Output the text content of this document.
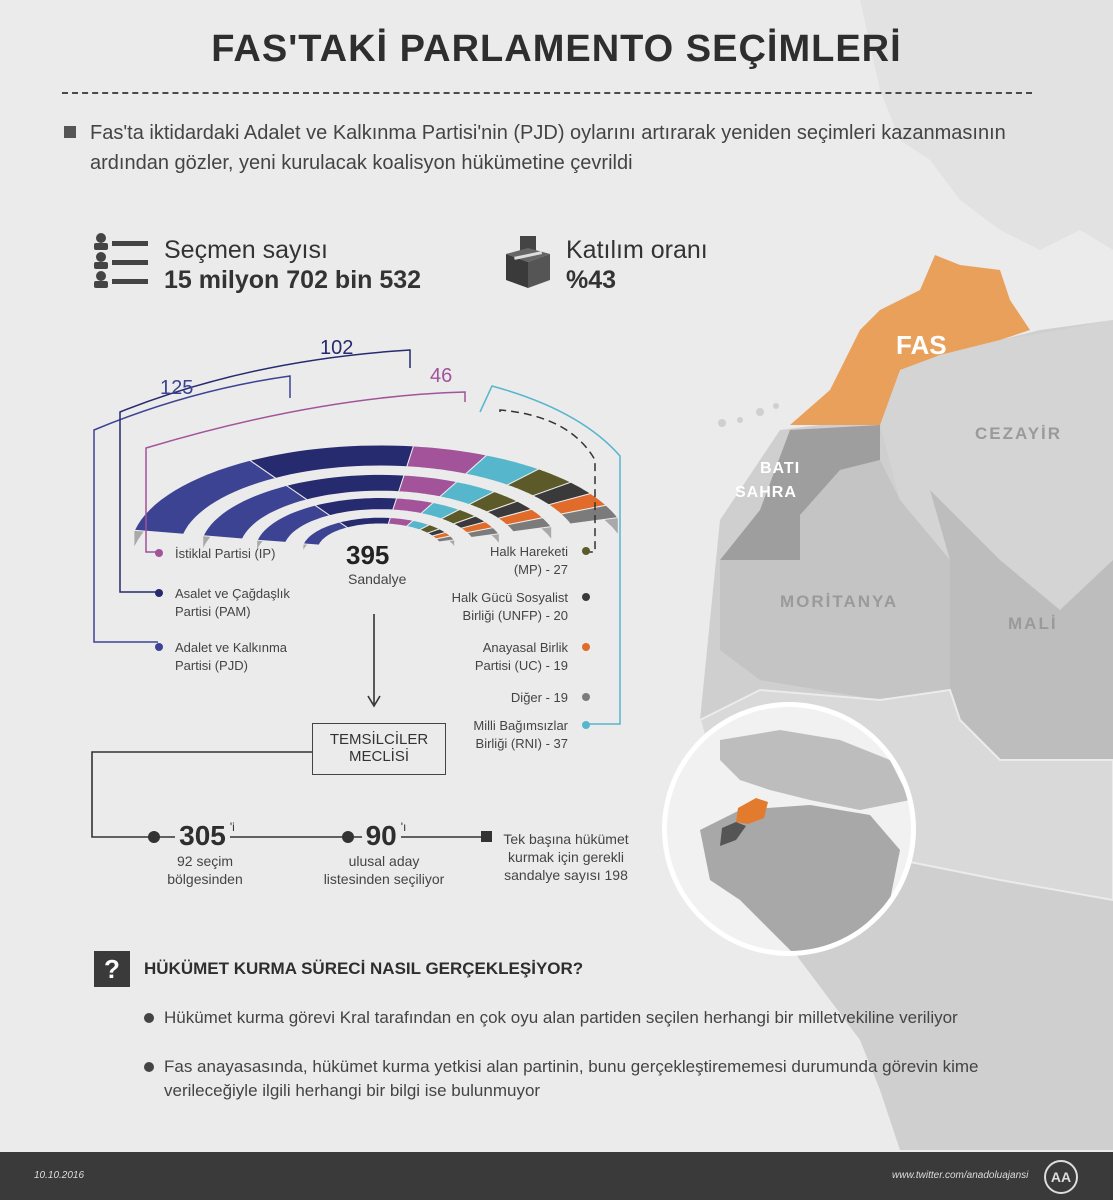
FAS
CEZAYİR
BATI
SAHRA
MORİTANYA
MALİ
FAS'TAKİ PARLAMENTO SEÇİMLERİ
Fas'ta iktidardaki Adalet ve Kalkınma Partisi'nin (PJD) oylarını artırarak yeniden seçimleri kazanmasının ardından gözler, yeni kurulacak koalisyon hükümetine çevrildi
Seçmen sayısı
15 milyon 702 bin 532
Katılım oranı
%43
125
102
46
395
Sandalye
İstiklal Partisi (IP)
Asalet ve Çağdaşlık
Partisi (PAM)
Adalet ve Kalkınma
Partisi (PJD)
Halk Hareketi
(MP) - 27
Halk Gücü Sosyalist
Birliği (UNFP) - 20
Anayasal Birlik
Partisi (UC) - 19
Diğer - 19
Milli Bağımsızlar
Birliği (RNI) - 37
TEMSİLCİLER
MECLİSİ
305 $^{'i}$
92 seçim
bölgesinden
90 $^{'ı}$
ulusal aday
listesinden seçiliyor
Tek başına hükümet
kurmak için gerekli
sandalye sayısı 198
?	HÜKÜMET KURMA SÜRECİ NASIL GERÇEKLEŞİYOR?
Hükümet kurma görevi Kral tarafından en çok oyu alan partiden seçilen herhangi bir milletvekiline veriliyor
Fas anayasasında, hükümet kurma yetkisi alan partinin, bunu gerçekleştirememesi durumunda görevin kime verileceğiyle ilgili herhangi bir bilgi ise bulunmuyor
10.10.2016	www.twitter.com/anadoluajansi	AA
